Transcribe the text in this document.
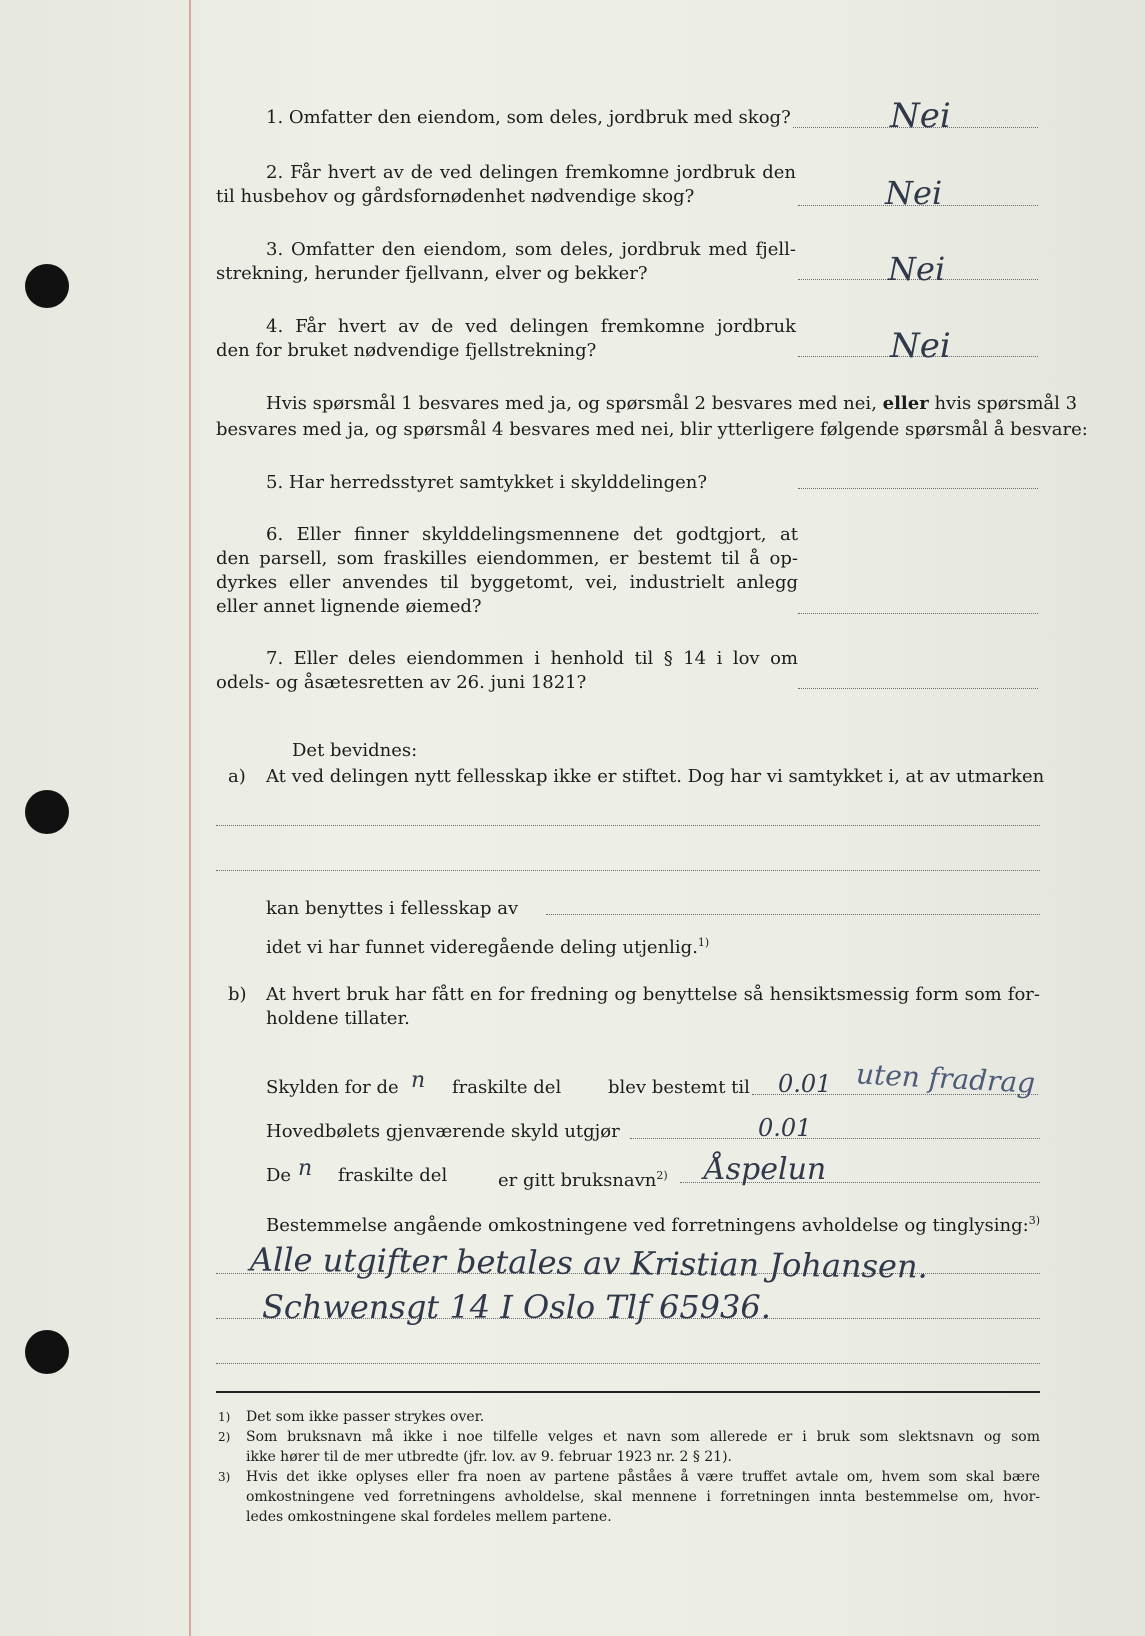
1. Omfatter den eiendom, som deles, jordbruk med skog?	Nei
2. Får hvert av de ved delingen fremkomne jordbruk den
til husbehov og gårdsfornødenhet nødvendige skog?	Nei
3. Omfatter den eiendom, som deles, jordbruk med fjell-
strekning, herunder fjellvann, elver og bekker?	Nei
4. Får hvert av de ved delingen fremkomne jordbruk
den for bruket nødvendige fjellstrekning?	Nei
Hvis spørsmål 1 besvares med ja, og spørsmål 2 besvares med nei, eller hvis spørsmål 3
besvares med ja, og spørsmål 4 besvares med nei, blir ytterligere følgende spørsmål å besvare:
5. Har herredsstyret samtykket i skylddelingen?
6. Eller finner skylddelingsmennene det godtgjort, at
den parsell, som fraskilles eiendommen, er bestemt til å op-
dyrkes eller anvendes til byggetomt, vei, industrielt anlegg
eller annet lignende øiemed?
7. Eller deles eiendommen i henhold til § 14 i lov om
odels- og åsætesretten av 26. juni 1821?
Det bevidnes:
a) At ved delingen nytt fellesskap ikke er stiftet. Dog har vi samtykket i, at av utmarken
kan benyttes i fellesskap av
idet vi har funnet videregående deling utjenlig.$^{1)}$
b) At hvert bruk har fått en for fredning og benyttelse så hensiktsmessig form som for-
holdene tillater.
Skylden for de n fraskilte del	blev bestemt til 0.01 uten fradrag
Hovedbølets gjenværende skyld utgjør	0.01
De n fraskilte del	er gitt bruksnavn$^{2)}$ Åspelun
Bestemmelse angående omkostningene ved forretningens avholdelse og tinglysing:$^{3)}$
Alle utgifter betales av Kristian Johansen.
Schwensgt 14 I Oslo Tlf 65936.
1) Det som ikke passer strykes over.
2) Som bruksnavn må ikke i noe tilfelle velges et navn som allerede er i bruk som slektsnavn og som
ikke hører til de mer utbredte (jfr. lov. av 9. februar 1923 nr. 2 § 21).
3) Hvis det ikke oplyses eller fra noen av partene påståes å være truffet avtale om, hvem som skal bære
omkostningene ved forretningens avholdelse, skal mennene i forretningen innta bestemmelse om, hvor-
ledes omkostningene skal fordeles mellem partene.
